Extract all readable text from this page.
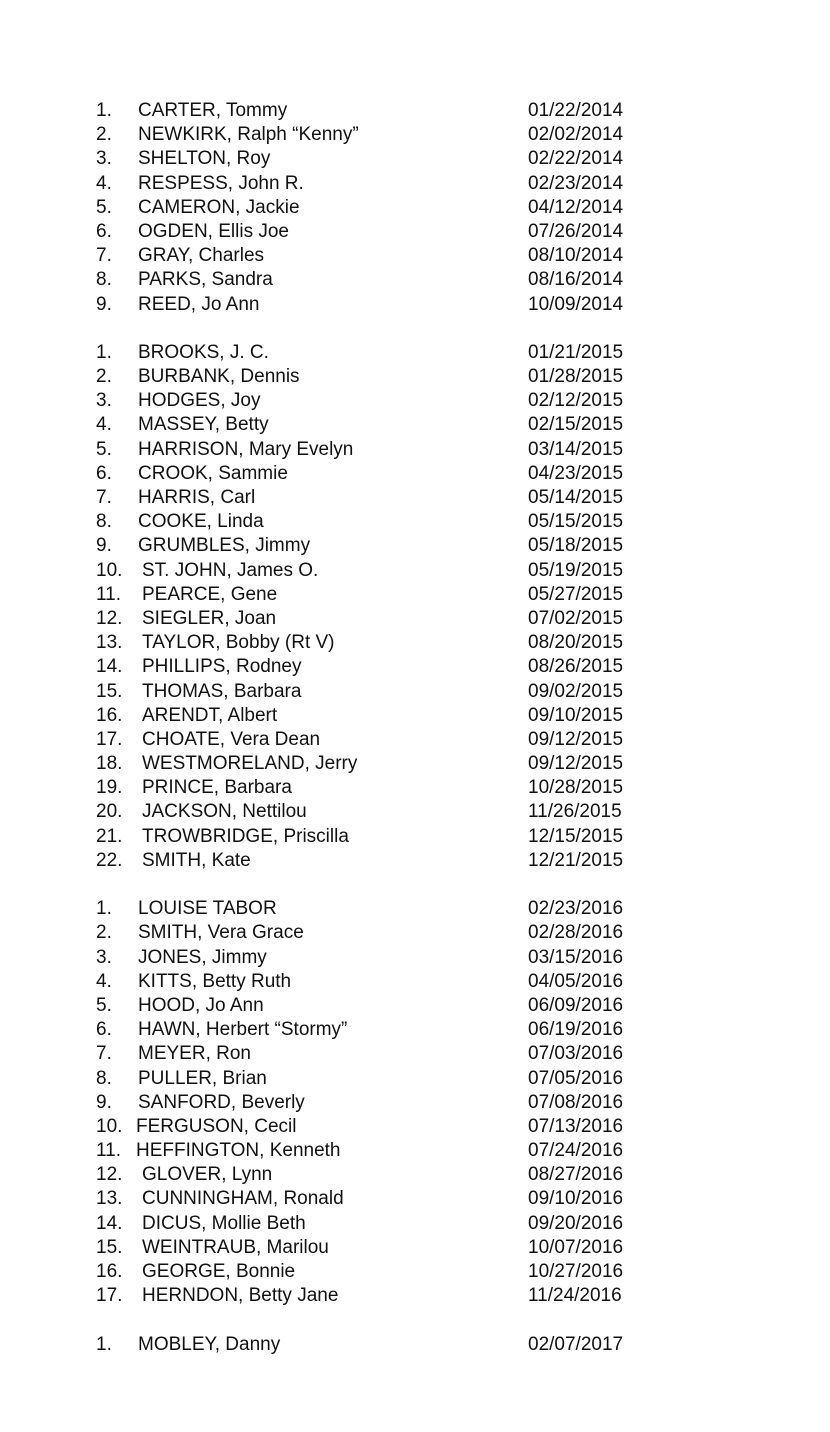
1. CARTER, Tommy	01/22/2014
2. NEWKIRK, Ralph “Kenny”	02/02/2014
3. SHELTON, Roy	02/22/2014
4. RESPESS, John R.	02/23/2014
5. CAMERON, Jackie	04/12/2014
6. OGDEN, Ellis Joe	07/26/2014
7. GRAY, Charles	08/10/2014
8. PARKS, Sandra	08/16/2014
9. REED, Jo Ann	10/09/2014
1. BROOKS, J. C.	01/21/2015
2. BURBANK, Dennis	01/28/2015
3. HODGES, Joy	02/12/2015
4. MASSEY, Betty	02/15/2015
5. HARRISON, Mary Evelyn	03/14/2015
6. CROOK, Sammie	04/23/2015
7. HARRIS, Carl	05/14/2015
8. COOKE, Linda	05/15/2015
9. GRUMBLES, Jimmy	05/18/2015
10. ST. JOHN, James O.	05/19/2015
11. PEARCE, Gene	05/27/2015
12. SIEGLER, Joan	07/02/2015
13. TAYLOR, Bobby (Rt V)	08/20/2015
14. PHILLIPS, Rodney	08/26/2015
15. THOMAS, Barbara	09/02/2015
16. ARENDT, Albert	09/10/2015
17. CHOATE, Vera Dean	09/12/2015
18. WESTMORELAND, Jerry	09/12/2015
19. PRINCE, Barbara	10/28/2015
20. JACKSON, Nettilou	11/26/2015
21. TROWBRIDGE, Priscilla	12/15/2015
22. SMITH, Kate	12/21/2015
1. LOUISE TABOR	02/23/2016
2. SMITH, Vera Grace	02/28/2016
3. JONES, Jimmy	03/15/2016
4. KITTS, Betty Ruth	04/05/2016
5. HOOD, Jo Ann	06/09/2016
6. HAWN, Herbert “Stormy”	06/19/2016
7. MEYER, Ron	07/03/2016
8. PULLER, Brian	07/05/2016
9. SANFORD, Beverly	07/08/2016
10. FERGUSON, Cecil	07/13/2016
11. HEFFINGTON, Kenneth	07/24/2016
12. GLOVER, Lynn	08/27/2016
13. CUNNINGHAM, Ronald	09/10/2016
14. DICUS, Mollie Beth	09/20/2016
15. WEINTRAUB, Marilou	10/07/2016
16. GEORGE, Bonnie	10/27/2016
17. HERNDON, Betty Jane	11/24/2016
1. MOBLEY, Danny	02/07/2017
